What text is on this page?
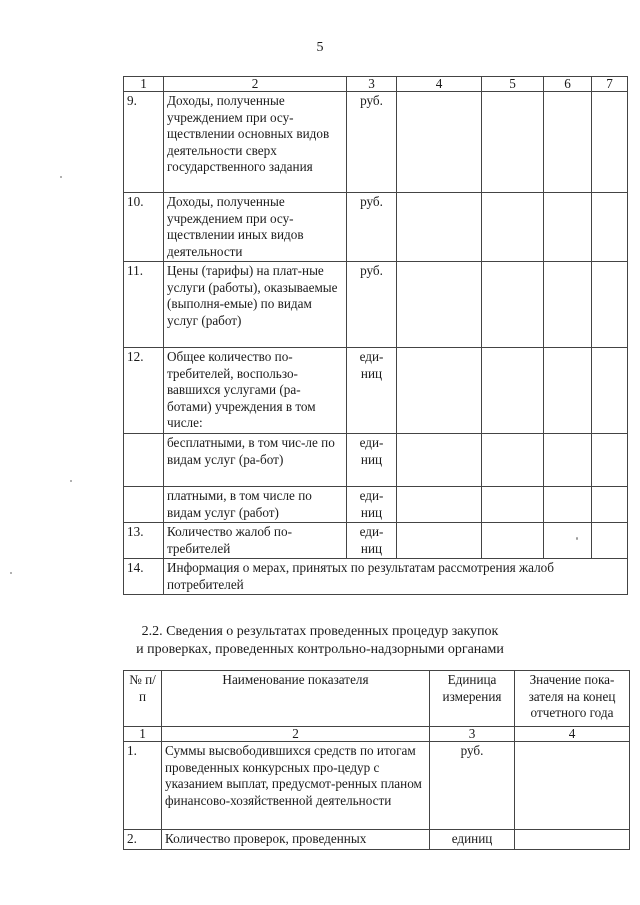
5
1	2	3	4	5	6	7
9.	Доходы, полученные учреждением при осу-ществлении основных видов деятельности сверх государственного задания	руб.				
10.	Доходы, полученные учреждением при осу-ществлении иных видов деятельности	руб.				
11.	Цены (тарифы) на плат-ные услуги (работы), оказываемые (выполня-емые) по видам услуг (работ)	руб.				
12.	Общее количество по-требителей, воспользо-вавшихся услугами (ра-ботами) учреждения в том числе:	еди-ниц				
	бесплатными, в том чис-ле по видам услуг (ра-бот)	еди-ниц				
	платными, в том числе по видам услуг (работ)	еди-ниц				
13.	Количество жалоб по-требителей	еди-ниц				
14.	Информация о мерах, принятых по результатам рассмотрения жалоб потребителей					
2.2. Сведения о результатах проведенных процедур закупок
и проверках, проведенных контрольно-надзорными органами
№ п/п	Наименование показателя	Единица измерения	Значение пока-зателя на конец отчетного года
1	2	3	4
1.	Суммы высвободившихся средств по итогам проведенных конкурсных про-цедур с указанием выплат, предусмот-ренных планом финансово-хозяйственной деятельности	руб.	
2.	Количество проверок, проведенных	единиц	
